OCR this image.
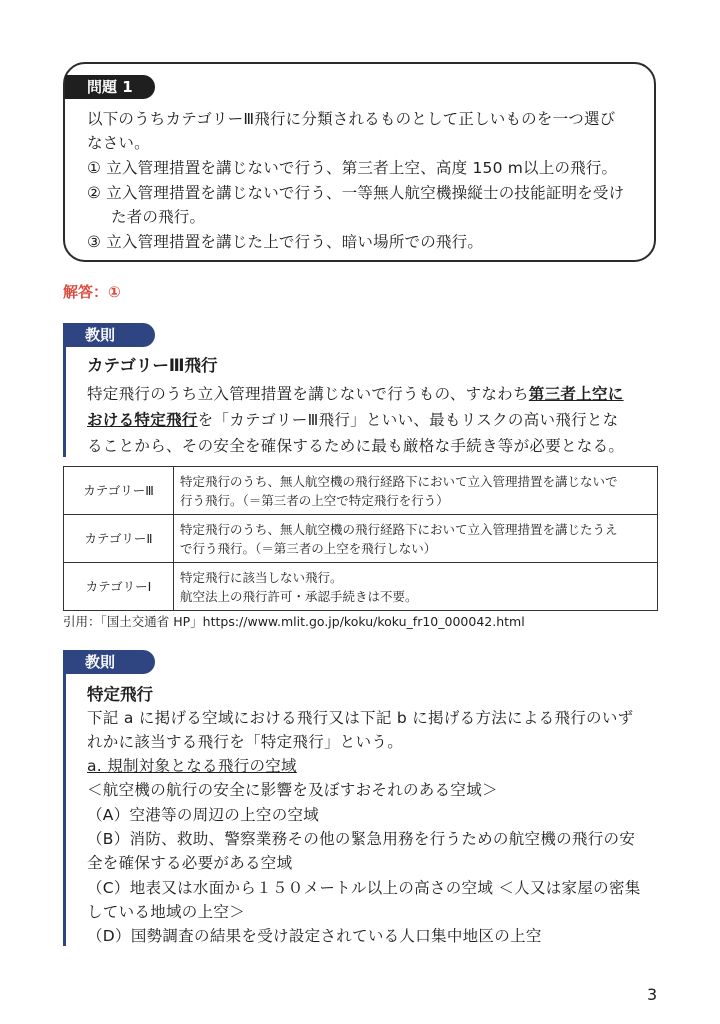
問題 1
以下のうちカテゴリーⅢ飛行に分類されるものとして正しいものを一つ選び
なさい。
① 立入管理措置を講じないで行う、第三者上空、高度 150 m以上の飛行。
② 立入管理措置を講じないで行う、一等無人航空機操縦士の技能証明を受け
た者の飛行。
③ 立入管理措置を講じた上で行う、暗い場所での飛行。
解答：①
教則
カテゴリーⅢ飛行
特定飛行のうち立入管理措置を講じないで行うもの、すなわち第三者上空に
おける特定飛行を「カテゴリーⅢ飛行」といい、最もリスクの高い飛行とな
ることから、その安全を確保するために最も厳格な手続き等が必要となる。
カテゴリーⅢ	特定飛行のうち、無人航空機の飛行経路下において立入管理措置を講じないで
行う飛行。（＝第三者の上空で特定飛行を行う）
カテゴリーⅡ	特定飛行のうち、無人航空機の飛行経路下において立入管理措置を講じたうえ
で行う飛行。（＝第三者の上空を飛行しない）
カテゴリーⅠ	特定飛行に該当しない飛行。
航空法上の飛行許可・承認手続きは不要。
引用：「国土交通省 HP」https://www.mlit.go.jp/koku/koku_fr10_000042.html
教則
特定飛行
下記 a に掲げる空域における飛行又は下記 b に掲げる方法による飛行のいず
れかに該当する飛行を「特定飛行」という。
a. 規制対象となる飛行の空域
＜航空機の航行の安全に影響を及ぼすおそれのある空域＞
（A）空港等の周辺の上空の空域
（B）消防、救助、警察業務その他の緊急用務を行うための航空機の飛行の安
全を確保する必要がある空域
（C）地表又は水面から１５０メートル以上の高さの空域 ＜人又は家屋の密集
している地域の上空＞
（D）国勢調査の結果を受け設定されている人口集中地区の上空
3
